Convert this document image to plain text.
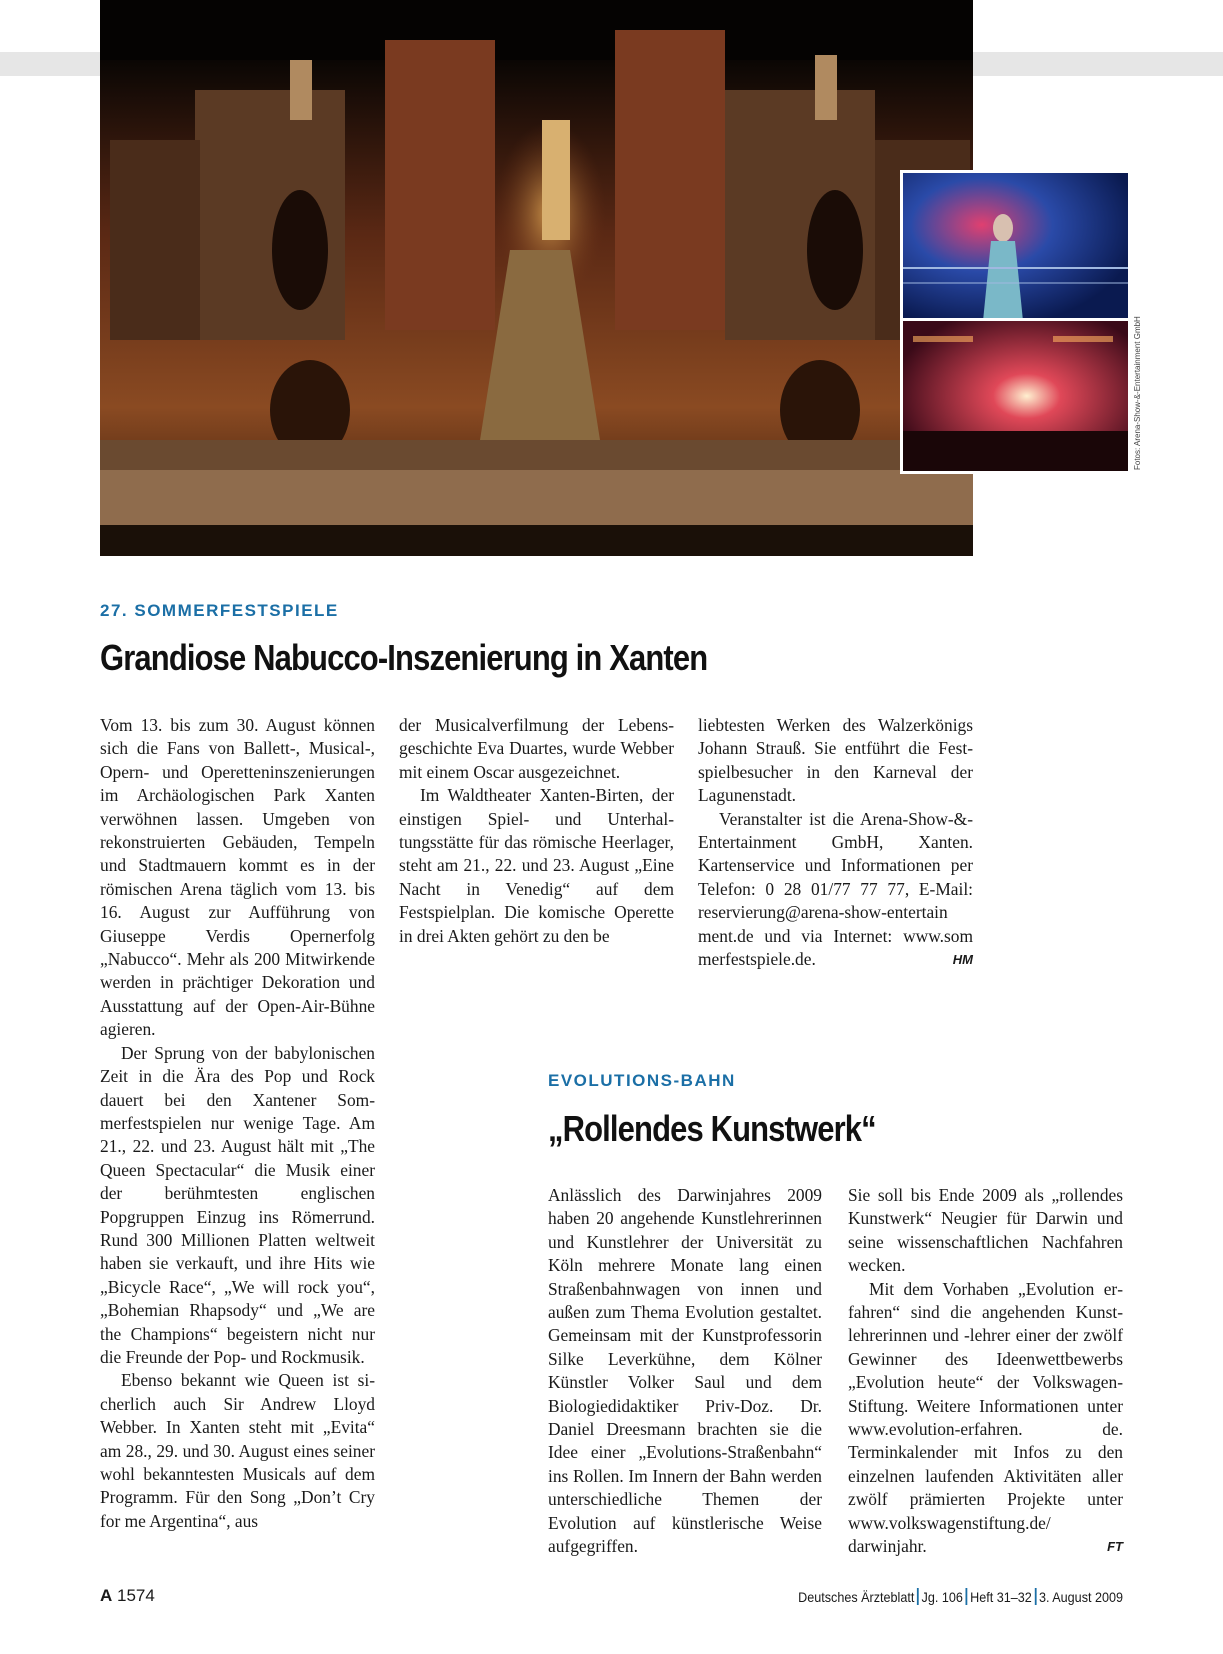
Fotos: Arena-Show-&-Entertainment GmbH
27. SOMMERFESTSPIELE
Grandiose Nabucco-Inszenierung in Xanten

Vom 13. bis zum 30. August können sich die Fans von Ballett-, Musical-, Opern- und Operetteninszenierungen im Archäologischen Park Xanten verwöhnen lassen. Umgeben von rekonstruierten Gebäuden, Tempeln und Stadtmauern kommt es in der römischen Arena täglich vom 13. bis 16. August zur Aufführung von Giuseppe Verdis Opernerfolg „Nabucco“. Mehr als 200 Mitwirkende werden in prächtiger Dekoration und Ausstattung auf der Open-Air-Bühne agieren.

Der Sprung von der babylonischen Zeit in die Ära des Pop und Rock dauert bei den Xantener Sommerfestspielen nur wenige Tage. Am 21., 22. und 23. August hält mit „The Queen Spectacular“ die Musik einer der berühmtesten englischen Popgruppen Einzug ins Römerrund. Rund 300 Millionen Platten weltweit haben sie verkauft, und ihre Hits wie „Bicycle Race“, „We will rock you“, „Bohemian Rhapsody“ und „We are the Champions“ begeistern nicht nur die Freunde der Pop- und Rockmusik.

Ebenso bekannt wie Queen ist sicherlich auch Sir Andrew Lloyd Webber. In Xanten steht mit „Evita“ am 28., 29. und 30. August eines seiner wohl bekanntesten Musicals auf dem Programm. Für den Song „Don’t Cry for me Argentina“, aus

der Musicalverfilmung der Lebensgeschichte Eva Duartes, wurde Webber mit einem Oscar ausgezeichnet.

Im Waldtheater Xanten-Birten, der einstigen Spiel- und Unterhaltungsstätte für das römische Heerlager, steht am 21., 22. und 23. August „Eine Nacht in Venedig“ auf dem Festspielplan. Die komische Operette in drei Akten gehört zu den be

liebtesten Werken des Walzerkönigs Johann Strauß. Sie entführt die Festspielbesucher in den Karneval der Lagunenstadt.

Veranstalter ist die Arena-Show-&-Entertainment GmbH, Xanten. Kartenservice und Informationen per Telefon: 0 28 01/77 77 77, E-Mail: reservierung@arena-show-entertain ment.de und via Internet: www.som merfestspiele.de.	HM

EVOLUTIONS-BAHN
„Rollendes Kunstwerk“

Anlässlich des Darwinjahres 2009 haben 20 angehende Kunstlehrerinnen und Kunstlehrer der Universität zu Köln mehrere Monate lang einen Straßenbahnwagen von innen und außen zum Thema Evolution gestaltet. Gemeinsam mit der Kunstprofessorin Silke Leverkühne, dem Kölner Künstler Volker Saul und dem Biologiedidaktiker Priv-Doz. Dr. Daniel Dreesmann brachten sie die Idee einer „Evolutions-Straßenbahn“ ins Rollen. Im Innern der Bahn werden unterschiedliche Themen der Evolution auf künstlerische Weise aufgegriffen.

Sie soll bis Ende 2009 als „rollendes Kunstwerk“ Neugier für Darwin und seine wissenschaftlichen Nachfahren wecken.

Mit dem Vorhaben „Evolution erfahren“ sind die angehenden Kunstlehrerinnen und -lehrer einer der zwölf Gewinner des Ideenwettbewerbs „Evolution heute“ der Volkswagen-Stiftung. Weitere Informationen unter www.evolution-erfahren. de. Terminkalender mit Infos zu den einzelnen laufenden Aktivitäten aller zwölf prämierten Projekte unter www.volkswagenstiftung.de/ darwinjahr.	FT

A 1574	Deutsches Ärzteblatt Jg. 106 Heft 31–32 3. August 2009
